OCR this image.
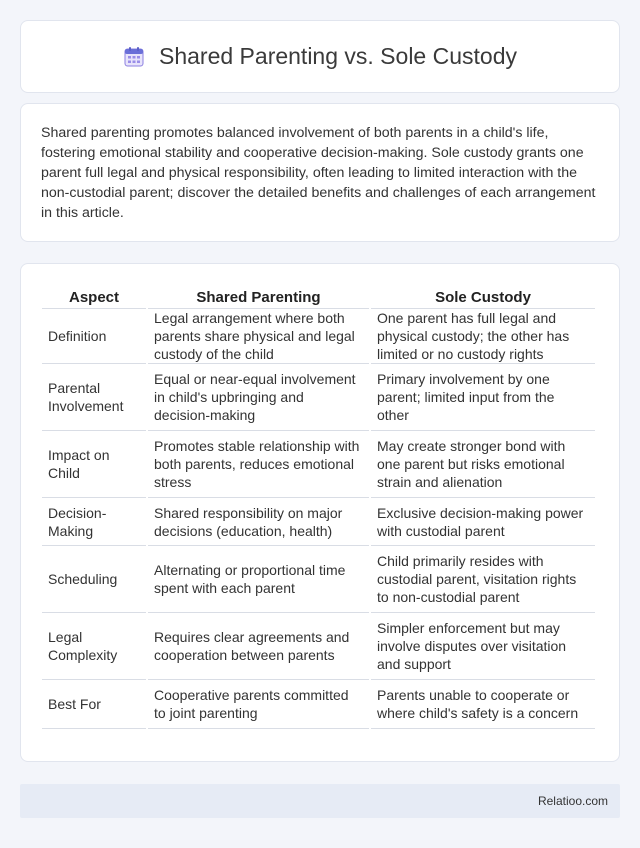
Shared Parenting vs. Sole Custody

Shared parenting promotes balanced involvement of both parents in a child's life, fostering emotional stability and cooperative decision-making. Sole custody grants one parent full legal and physical responsibility, often leading to limited interaction with the non-custodial parent; discover the detailed benefits and challenges of each arrangement in this article.

Aspect	Shared Parenting	Sole Custody
Definition	Legal arrangement where both parents share physical and legal custody of the child	One parent has full legal and physical custody; the other has limited or no custody rights
Parental Involvement	Equal or near-equal involvement in child's upbringing and decision-making	Primary involvement by one parent; limited input from the other
Impact on Child	Promotes stable relationship with both parents, reduces emotional stress	May create stronger bond with one parent but risks emotional strain and alienation
Decision-Making	Shared responsibility on major decisions (education, health)	Exclusive decision-making power with custodial parent
Scheduling	Alternating or proportional time spent with each parent	Child primarily resides with custodial parent, visitation rights to non-custodial parent
Legal Complexity	Requires clear agreements and cooperation between parents	Simpler enforcement but may involve disputes over visitation and support
Best For	Cooperative parents committed to joint parenting	Parents unable to cooperate or where child's safety is a concern
Relatioo.com
